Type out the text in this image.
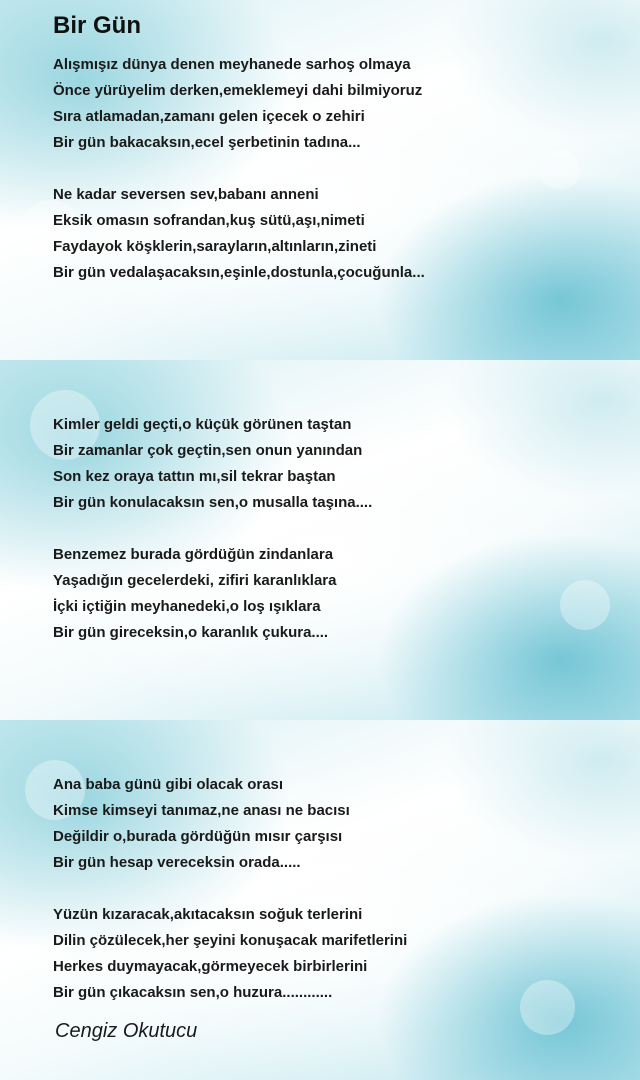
Bir Gün
Alışmışız dünya denen meyhanede sarhoş olmaya
Önce yürüyelim derken,emeklemeyi dahi bilmiyoruz
Sıra atlamadan,zamanı gelen içecek o zehiri
Bir gün bakacaksın,ecel şerbetinin tadına...
Ne kadar seversen sev,babanı anneni
Eksik omasın sofrandan,kuş sütü,aşı,nimeti
Faydayok köşklerin,sarayların,altınların,zineti
Bir gün vedalaşacaksın,eşinle,dostunla,çocuğunla...
Kimler geldi geçti,o küçük görünen taştan
Bir zamanlar çok geçtin,sen onun yanından
Son kez oraya tattın mı,sil tekrar baştan
Bir gün konulacaksın sen,o musalla taşına....
Benzemez burada gördüğün zindanlara
Yaşadığın gecelerdeki, zifiri karanlıklara
İçki içtiğin meyhanedeki,o loş ışıklara
Bir gün gireceksin,o karanlık çukura....
Ana baba günü gibi olacak orası
Kimse kimseyi tanımaz,ne anası ne bacısı
Değildir o,burada gördüğün mısır çarşısı
Bir gün hesap vereceksin orada.....
Yüzün kızaracak,akıtacaksın soğuk terlerini
Dilin çözülecek,her şeyini konuşacak marifetlerini
Herkes duymayacak,görmeyecek birbirlerini
Bir gün çıkacaksın sen,o huzura............
Cengiz Okutucu
